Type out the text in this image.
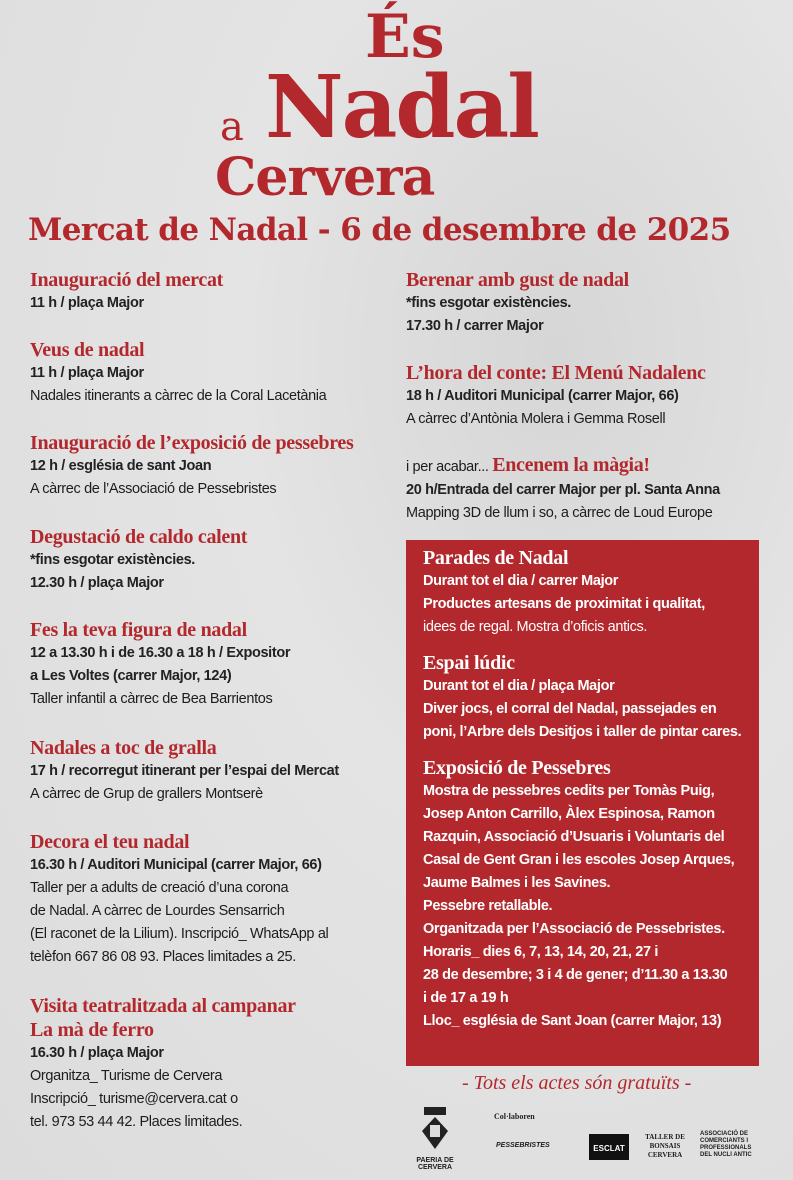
És
Nadal
a
Cervera
Mercat de Nadal - 6 de desembre de 2025
i per acabar... Encenem la màgia!
20 h/Entrada del carrer Major per pl. Santa Anna
Mapping 3D de llum i so, a càrrec de Loud Europe
Parades de Nadal
Durant tot el dia / carrer Major
Productes artesans de proximitat i qualitat,
idees de regal. Mostra d’oficis antics.
Espai lúdic
Durant tot el dia / plaça Major
Diver jocs, el corral del Nadal, passejades en
poni, l’Arbre dels Desitjos i taller de pintar cares.
Exposició de Pessebres
Mostra de pessebres cedits per Tomàs Puig,
Josep Anton Carrillo, Àlex Espinosa, Ramon
Razquin, Associació d’Usuaris i Voluntaris del
Casal de Gent Gran i les escoles Josep Arques,
Jaume Balmes i les Savines.
Pessebre retallable.
Organitzada per l’Associació de Pessebristes.
Horaris_ dies 6, 7, 13, 14, 20, 21, 27 i
28 de desembre; 3 i 4 de gener; d’11.30 a 13.30
i de 17 a 19 h
Lloc_ església de Sant Joan (carrer Major, 13)
- Tots els actes són gratuïts -
PAERIA DE CERVERA
Col·laboren
PESSEBRISTES	ESCLAT
TALLER DE BONSAIS CERVERA
ASSOCIACIÓ DE COMERCIANTS I PROFESSIONALS DEL NUCLI ANTIC
Inauguració del mercat
11 h / plaça Major
Veus de nadal
11 h / plaça Major
Nadales itinerants a càrrec de la Coral Lacetània
Inauguració de l’exposició de pessebres
12 h / església de sant Joan
A càrrec de l’Associació de Pessebristes
Degustació de caldo calent
*fins esgotar existències.
12.30 h / plaça Major
Fes la teva figura de nadal
12 a 13.30 h i de 16.30 a 18 h / Expositor
a Les Voltes (carrer Major, 124)
Taller infantil a càrrec de Bea Barrientos
Nadales a toc de gralla
17 h / recorregut itinerant per l’espai del Mercat
A càrrec de Grup de grallers Montserè
Decora el teu nadal
16.30 h / Auditori Municipal (carrer Major, 66)
Taller per a adults de creació d’una corona
de Nadal. A càrrec de Lourdes Sensarrich
(El raconet de la Lilium). Inscripció_ WhatsApp al
telèfon 667 86 08 93. Places limitades a 25.
Visita teatralitzada al campanar
La mà de ferro
16.30 h / plaça Major
Organitza_ Turisme de Cervera
Inscripció_ turisme@cervera.cat o
tel. 973 53 44 42. Places limitades.
Berenar amb gust de nadal
*fins esgotar existències.
17.30 h / carrer Major
L’hora del conte: El Menú Nadalenc
18 h / Auditori Municipal (carrer Major, 66)
A càrrec d’Antònia Molera i Gemma Rosell
